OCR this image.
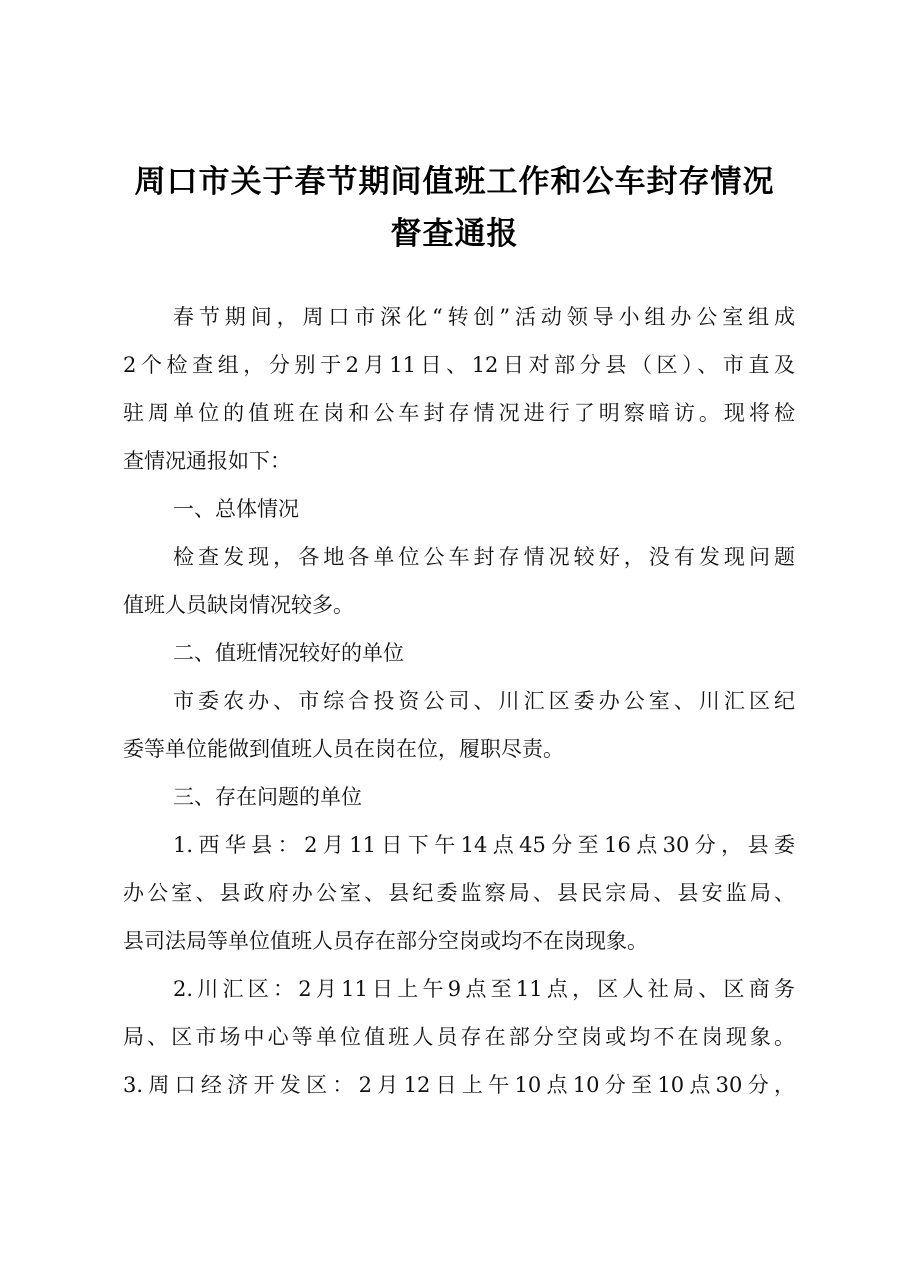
周口市关于春节期间值班工作和公车封存情况
督查通报

春节期间，周口市深化“转创”活动领导小组办公室组成

2个检查组，分别于2月11日、12日对部分县（区）、市直及

驻周单位的值班在岗和公车封存情况进行了明察暗访。现将检

查情况通报如下：

一、总体情况

检查发现，各地各单位公车封存情况较好，没有发现问题

值班人员缺岗情况较多。

二、值班情况较好的单位

市委农办、市综合投资公司、川汇区委办公室、川汇区纪

委等单位能做到值班人员在岗在位，履职尽责。

三、存在问题的单位

1.西华县：2月11日下午14点45分至16点30分，县委

办公室、县政府办公室、县纪委监察局、县民宗局、县安监局、

县司法局等单位值班人员存在部分空岗或均不在岗现象。

2.川汇区：2月11日上午9点至11点，区人社局、区商务

局、区市场中心等单位值班人员存在部分空岗或均不在岗现象。

3.周口经济开发区：2月12日上午10点10分至10点30分，
